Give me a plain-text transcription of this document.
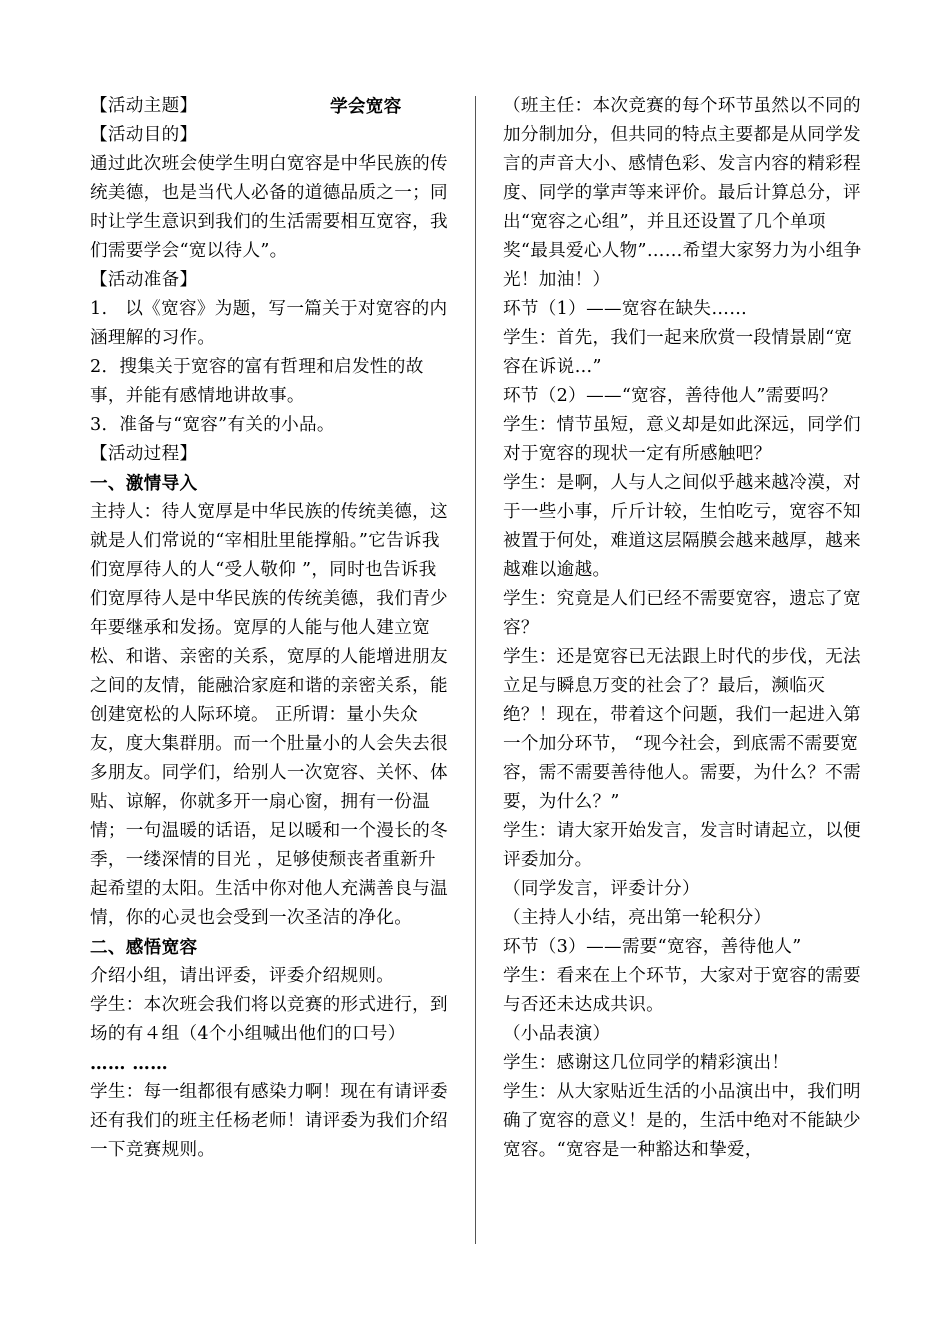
【活动主题】	学会宽容

【活动目的】

通过此次班会使学生明白宽容是中华民族的传统美德，也是当代人必备的道德品质之一；同时让学生意识到我们的生活需要相互宽容，我们需要学会“宽以待人”。

【活动准备】

1.　以《宽容》为题，写一篇关于对宽容的内涵理解的习作。

2．搜集关于宽容的富有哲理和启发性的故事，并能有感情地讲故事。

3．准备与“宽容”有关的小品。

【活动过程】

一、激情导入

主持人：待人宽厚是中华民族的传统美德，这就是人们常说的“宰相肚里能撑船。”它告诉我们宽厚待人的人“受人敬仰 ”，同时也告诉我们宽厚待人是中华民族的传统美德，我们青少年要继承和发扬。宽厚的人能与他人建立宽松、和谐、亲密的关系，宽厚的人能增进朋友之间的友情，能融洽家庭和谐的亲密关系，能创建宽松的人际环境。 正所谓：量小失众友，度大集群朋。而一个肚量小的人会失去很多朋友。同学们，给别人一次宽容、关怀、体贴、谅解，你就多开一扇心窗，拥有一份温情；一句温暖的话语，足以暖和一个漫长的冬季，一缕深情的目光 ，足够使颓丧者重新升起希望的太阳。生活中你对他人充满善良与温情，你的心灵也会受到一次圣洁的净化。

二、感悟宽容

介绍小组，请出评委，评委介绍规则。

学生：本次班会我们将以竞赛的形式进行，到场的有４组（4个小组喊出他们的口号）

…… ……

学生：每一组都很有感染力啊！现在有请评委还有我们的班主任杨老师！请评委为我们介绍一下竞赛规则。

（班主任：本次竞赛的每个环节虽然以不同的加分制加分，但共同的特点主要都是从同学发言的声音大小、感情色彩、发言内容的精彩程度、同学的掌声等来评价。最后计算总分，评出“宽容之心组”，并且还设置了几个单项奖“最具爱心人物”……希望大家努力为小组争光！加油！）

环节（1）——宽容在缺失……

学生：首先，我们一起来欣赏一段情景剧“宽容在诉说…”

环节（2）——“宽容，善待他人”需要吗？

学生：情节虽短，意义却是如此深远，同学们对于宽容的现状一定有所感触吧？

学生：是啊，人与人之间似乎越来越冷漠，对于一些小事，斤斤计较，生怕吃亏，宽容不知被置于何处，难道这层隔膜会越来越厚，越来越难以逾越。

学生：究竟是人们已经不需要宽容，遗忘了宽容？

学生：还是宽容已无法跟上时代的步伐，无法立足与瞬息万变的社会了？最后，濒临灭绝？！现在，带着这个问题，我们一起进入第一个加分环节， “现今社会，到底需不需要宽容，需不需要善待他人。需要，为什么？不需要，为什么？”

学生：请大家开始发言，发言时请起立，以便评委加分。

（同学发言，评委计分）

（主持人小结，亮出第一轮积分）

环节（3）——需要“宽容，善待他人”

学生：看来在上个环节，大家对于宽容的需要与否还未达成共识。

（小品表演）

学生：感谢这几位同学的精彩演出！

学生：从大家贴近生活的小品演出中，我们明确了宽容的意义！是的，生活中绝对不能缺少宽容。“宽容是一种豁达和挚爱，
